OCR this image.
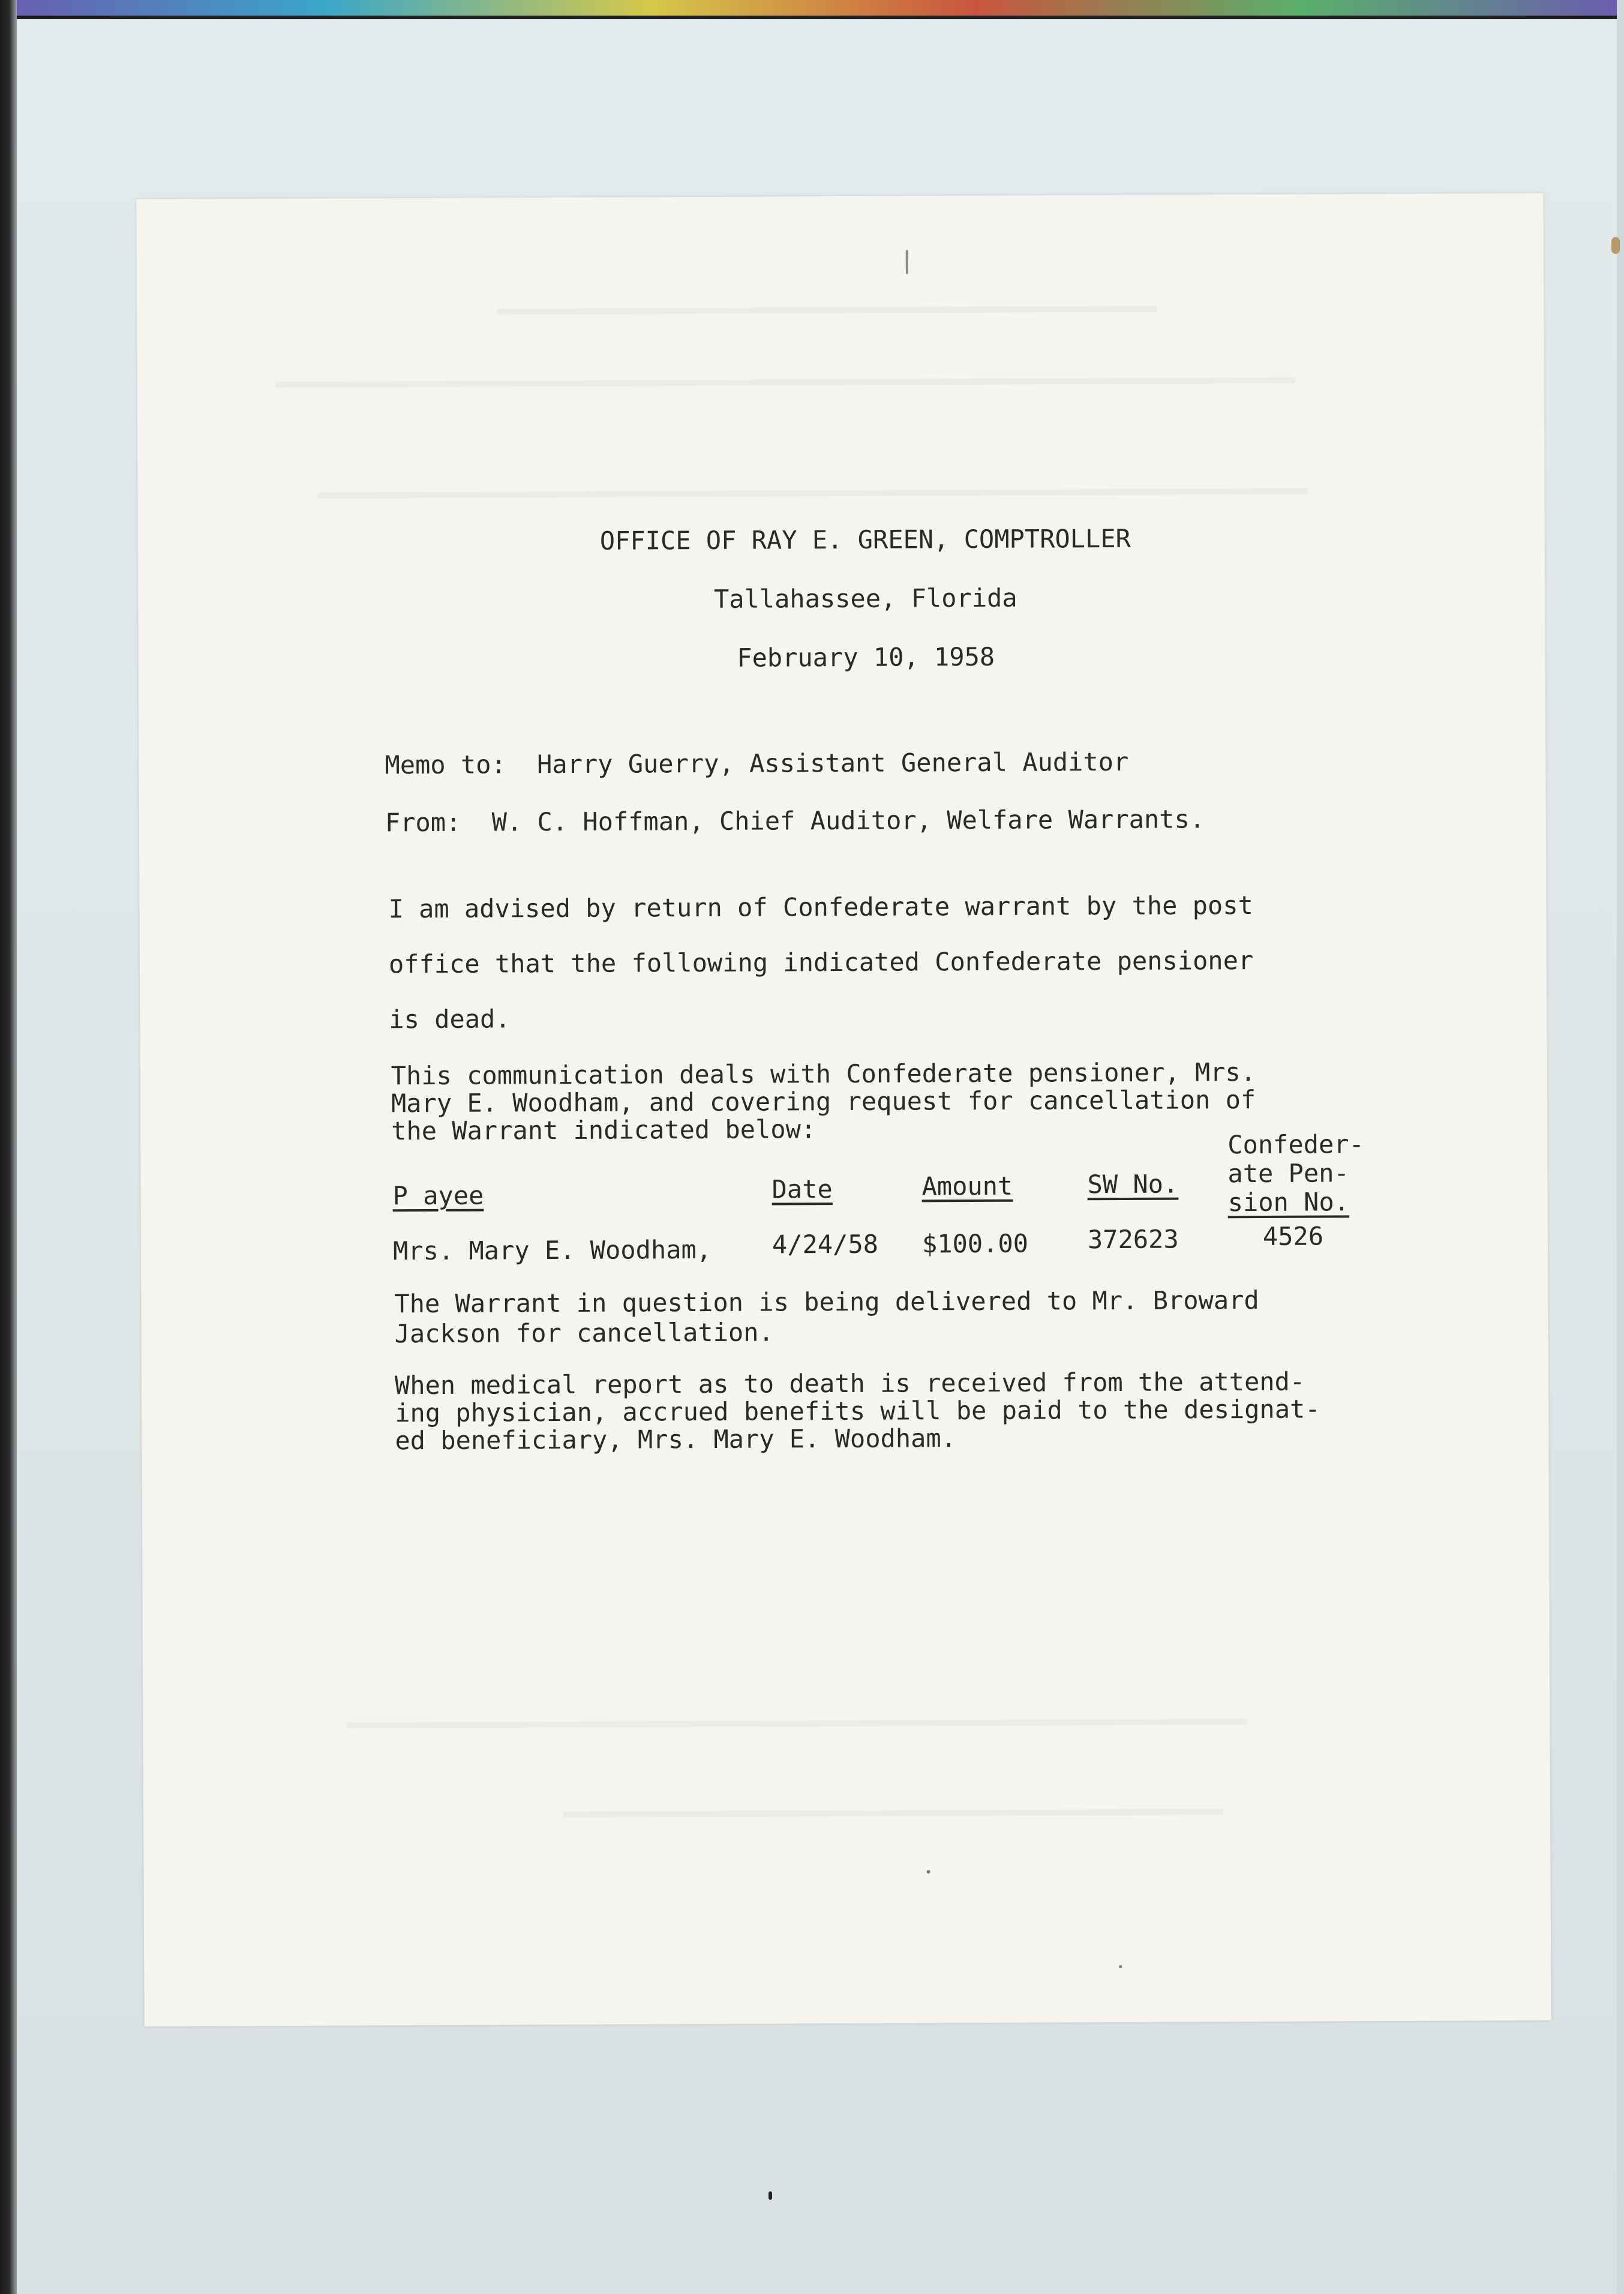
OFFICE OF RAY E. GREEN, COMPTROLLER
Tallahassee, Florida
February 10, 1958
Memo to: Harry Guerry, Assistant General Auditor
From: W. C. Hoffman, Chief Auditor, Welfare Warrants.
I am advised by return of Confederate warrant by the post
office that the following indicated Confederate pensioner
is dead.
This communication deals with Confederate pensioner, Mrs.
Mary E. Woodham, and covering request for cancellation of
the Warrant indicated below:
P ayee	Date	Amount	SW No.
Confeder-
ate Pen-
sion No.
Mrs. Mary E. Woodham, 4/24/58 $100.00 372623	4526
The Warrant in question is being delivered to Mr. Broward
Jackson for cancellation.
When medical report as to death is received from the attend-
ing physician, accrued benefits will be paid to the designat-
ed beneficiary, Mrs. Mary E. Woodham.
